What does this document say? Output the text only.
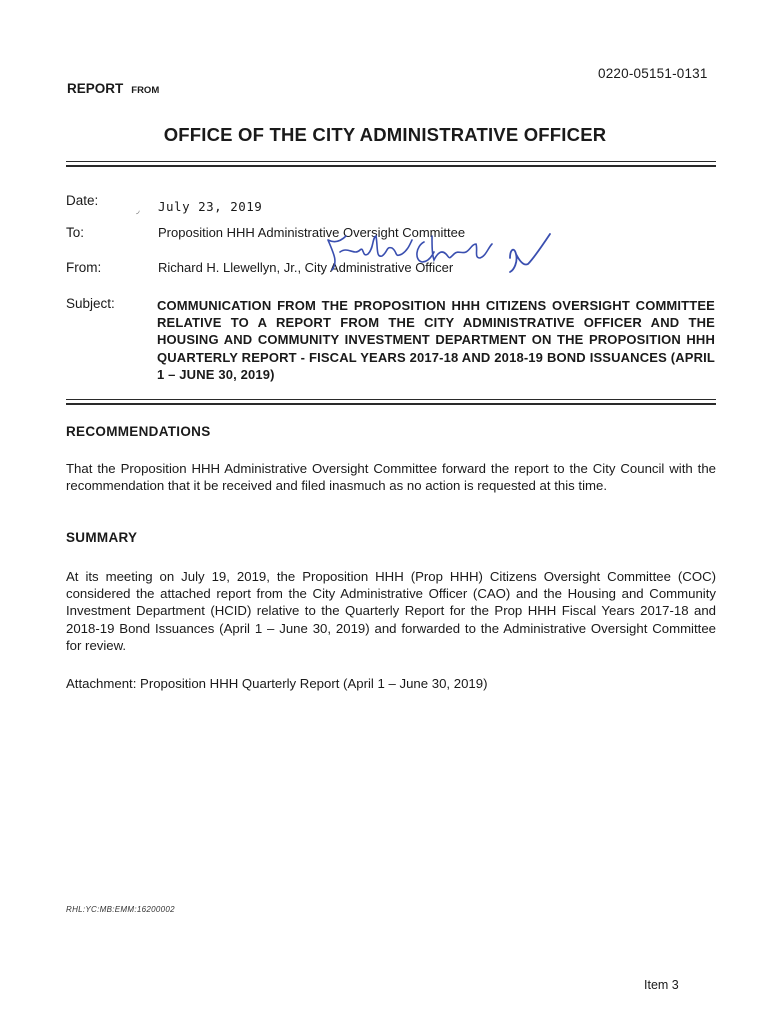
0220-05151-0131
REPORT FROM
OFFICE OF THE CITY ADMINISTRATIVE OFFICER
Date:
◞ July 23, 2019
To:	Proposition HHH Administrative Oversight Committee
From:	Richard H. Llewellyn, Jr., City Administrative Officer
Subject:	COMMUNICATION FROM THE PROPOSITION HHH CITIZENS OVERSIGHT COMMITTEE RELATIVE TO A REPORT FROM THE CITY ADMINISTRATIVE OFFICER AND THE HOUSING AND COMMUNITY INVESTMENT DEPARTMENT ON THE PROPOSITION HHH QUARTERLY REPORT - FISCAL YEARS 2017-18 AND 2018-19 BOND ISSUANCES (APRIL 1 – JUNE 30, 2019)
RECOMMENDATIONS
That the Proposition HHH Administrative Oversight Committee forward the report to the City Council with the recommendation that it be received and filed inasmuch as no action is requested at this time.
SUMMARY
At its meeting on July 19, 2019, the Proposition HHH (Prop HHH) Citizens Oversight Committee (COC) considered the attached report from the City Administrative Officer (CAO) and the Housing and Community Investment Department (HCID) relative to the Quarterly Report for the Prop HHH Fiscal Years 2017-18 and 2018-19 Bond Issuances (April 1 – June 30, 2019) and forwarded to the Administrative Oversight Committee for review.
Attachment: Proposition HHH Quarterly Report (April 1 – June 30, 2019)
RHL:YC:MB:EMM:16200002
Item 3
